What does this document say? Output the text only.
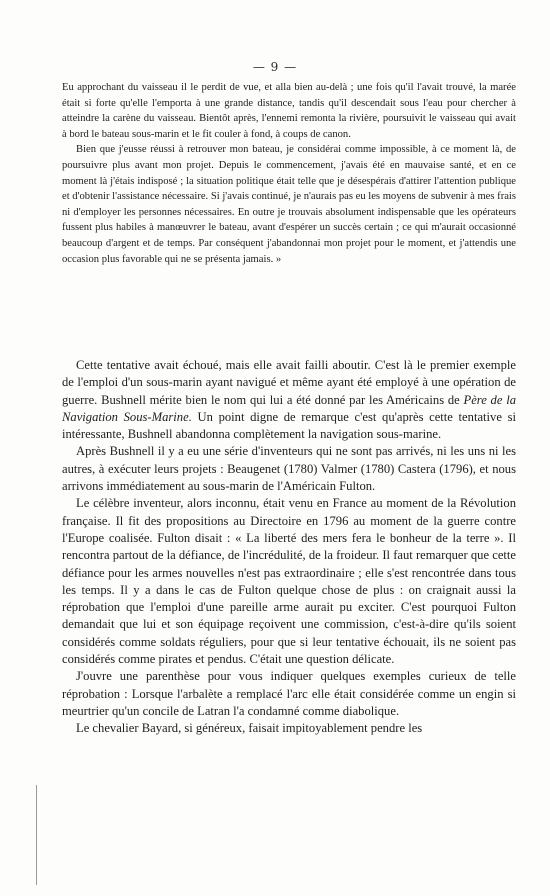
— 9 —

Eu approchant du vaisseau il le perdit de vue, et alla bien au-delà ; une fois qu'il l'avait trouvé, la marée était si forte qu'elle l'emporta à une grande distance, tandis qu'il descendait sous l'eau pour chercher à atteindre la carène du vaisseau. Bientôt après, l'ennemi remonta la rivière, poursuivit le vaisseau qui avait à bord le bateau sous-marin et le fit couler à fond, à coups de canon.

Bien que j'eusse réussi à retrouver mon bateau, je considérai comme impossible, à ce moment là, de poursuivre plus avant mon projet. Depuis le commencement, j'avais été en mauvaise santé, et en ce moment là j'étais indisposé ; la situation politique était telle que je désespérais d'attirer l'attention publique et d'obtenir l'assistance nécessaire. Si j'avais continué, je n'aurais pas eu les moyens de subvenir à mes frais ni d'employer les personnes nécessaires. En outre je trouvais absolument indispensable que les opérateurs fussent plus habiles à manœuvrer le bateau, avant d'espérer un succès certain ; ce qui m'aurait occasionné beaucoup d'argent et de temps. Par conséquent j'abandonnai mon projet pour le moment, et j'attendis une occasion plus favorable qui ne se présenta jamais. »

Cette tentative avait échoué, mais elle avait failli aboutir. C'est là le premier exemple de l'emploi d'un sous-marin ayant navigué et même ayant été employé à une opération de guerre. Bushnell mérite bien le nom qui lui a été donné par les Américains de Père de la Navigation Sous-Marine. Un point digne de remarque c'est qu'après cette tentative si intéressante, Bushnell abandonna complètement la navigation sous-marine.

Après Bushnell il y a eu une série d'inventeurs qui ne sont pas arrivés, ni les uns ni les autres, à exécuter leurs projets : Beaugenet (1780) Valmer (1780) Castera (1796), et nous arrivons immédiatement au sous-marin de l'Américain Fulton.

Le célèbre inventeur, alors inconnu, était venu en France au moment de la Révolution française. Il fit des propositions au Directoire en 1796 au moment de la guerre contre l'Europe coalisée. Fulton disait : « La liberté des mers fera le bonheur de la terre ». Il rencontra partout de la défiance, de l'incrédulité, de la froideur. Il faut remarquer que cette défiance pour les armes nouvelles n'est pas extraordinaire ; elle s'est rencontrée dans tous les temps. Il y a dans le cas de Fulton quelque chose de plus : on craignait aussi la réprobation que l'emploi d'une pareille arme aurait pu exciter. C'est pourquoi Fulton demandait que lui et son équipage reçoivent une commission, c'est-à-dire qu'ils soient considérés comme soldats réguliers, pour que si leur tentative échouait, ils ne soient pas considérés comme pirates et pendus. C'était une question délicate.

J'ouvre une parenthèse pour vous indiquer quelques exemples curieux de telle réprobation : Lorsque l'arbalète a remplacé l'arc elle était considérée comme un engin si meurtrier qu'un concile de Latran l'a condamné comme diabolique.

Le chevalier Bayard, si généreux, faisait impitoyablement pendre les
